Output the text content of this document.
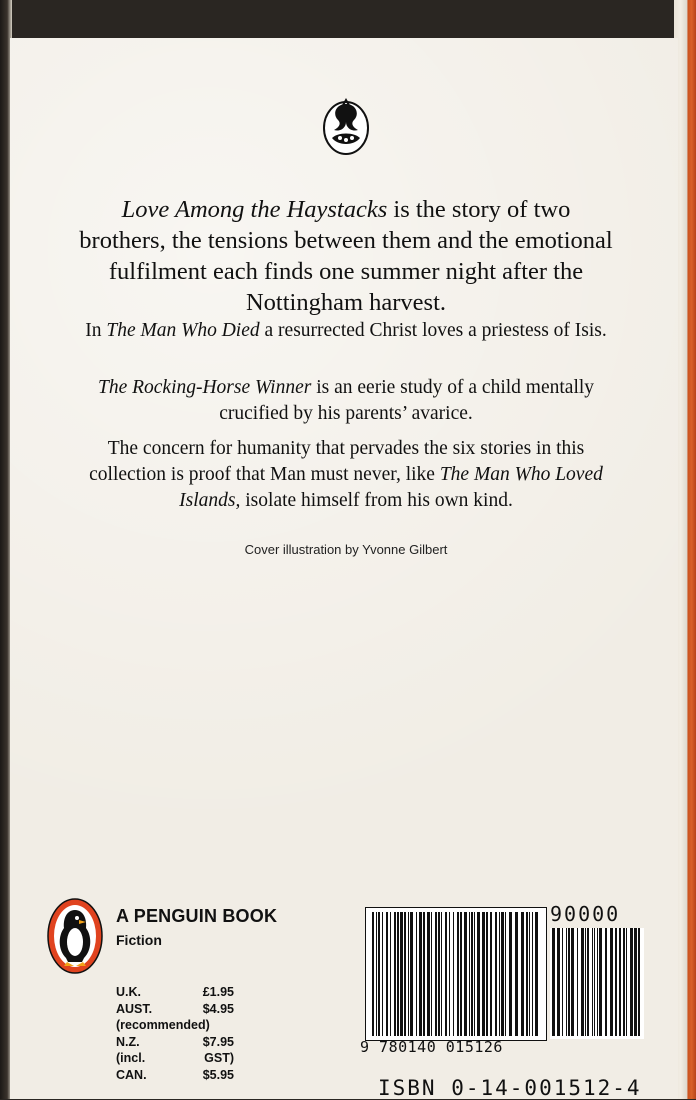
Love Among the Haystacks is the story of two brothers, the tensions between them and the emotional fulfilment each finds one summer night after the Nottingham harvest.

In The Man Who Died a resurrected Christ loves a priestess of Isis.

The Rocking-Horse Winner is an eerie study of a child mentally crucified by his parents’ avarice.

The concern for humanity that pervades the six stories in this collection is proof that Man must never, like The Man Who Loved Islands, isolate himself from his own kind.

Cover illustration by Yvonne Gilbert
A PENGUIN BOOK
Fiction
U.K.	£1.95
AUST.	$4.95
(recommended)
N.Z.	$7.95
(incl.	GST)
CAN.	$5.95
90000
9 780140 015126
ISBN 0-14-001512-4
